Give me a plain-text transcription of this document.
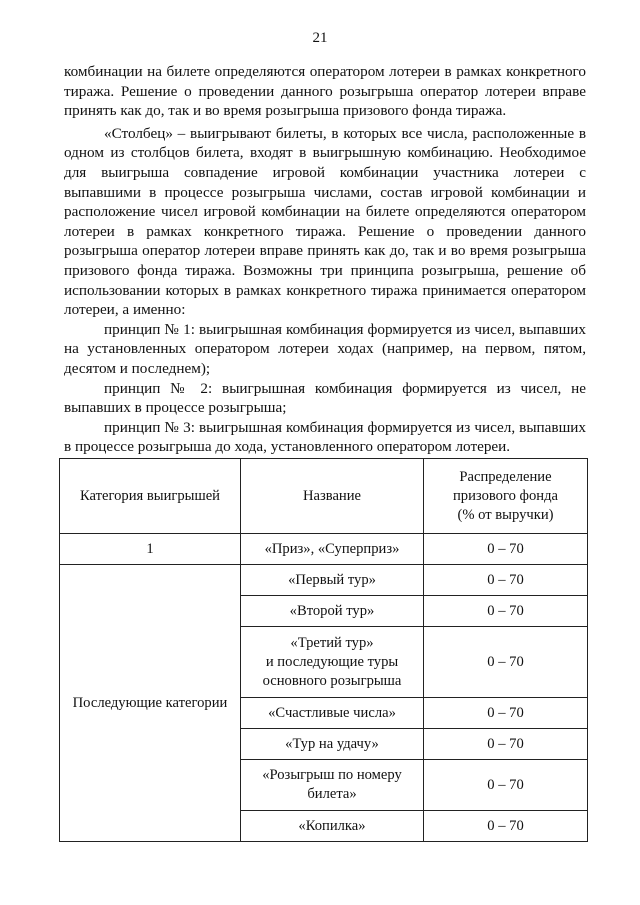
21

комбинации на билете определяются оператором лотереи в рамках конкретного тиража. Решение о проведении данного розыгрыша оператор лотереи вправе принять как до, так и во время розыгрыша призового фонда тиража.

«Столбец» – выигрывают билеты, в которых все числа, расположенные в одном из столбцов билета, входят в выигрышную комбинацию. Необходимое для выигрыша совпадение игровой комбинации участника лотереи с выпавшими в процессе розыгрыша числами, состав игровой комбинации и расположение чисел игровой комбинации на билете определяются оператором лотереи в рамках конкретного тиража. Решение о проведении данного розыгрыша оператор лотереи вправе принять как до, так и во время розыгрыша призового фонда тиража. Возможны три принципа розыгрыша, решение об использовании которых в рамках конкретного тиража принимается оператором лотереи, а именно:

принцип № 1: выигрышная комбинация формируется из чисел, выпавших на установленных оператором лотереи ходах (например, на первом, пятом, десятом и последнем);

принцип № 2: выигрышная комбинация формируется из чисел, не выпавших в процессе розыгрыша;

принцип № 3: выигрышная комбинация формируется из чисел, выпавших в процессе розыгрыша до хода, установленного оператором лотереи.

Категория выигрышей	Название	Распределение
призового фонда
(% от выручки)
1	«Приз», «Суперприз»	0 – 70
Последующие категории	«Первый тур»	0 – 70
	«Второй тур»	0 – 70
	«Третий тур»
и последующие туры
основного розыгрыша	0 – 70
	«Счастливые числа»	0 – 70
	«Тур на удачу»	0 – 70
	«Розыгрыш по номеру
билета»	0 – 70
	«Копилка»	0 – 70
